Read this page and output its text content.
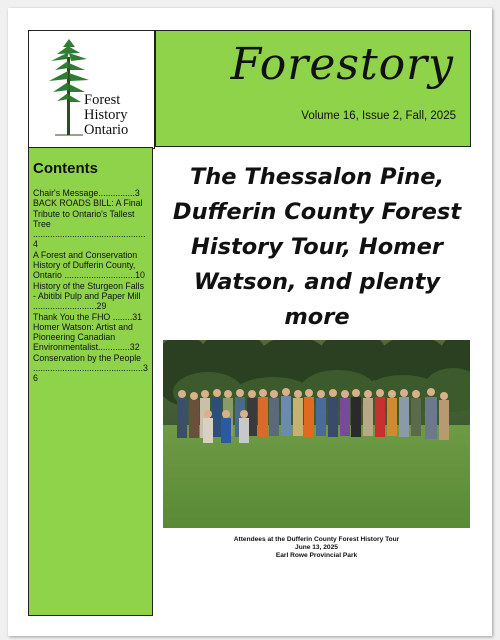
Forest
History
Ontario
Forestory
Volume 16, Issue 2, Fall, 2025
Contents

Chair's Message...............3

BACK ROADS BILL: A Final Tribute to Ontario's Tallest Tree

..............................................4

A Forest and Conservation History of Dufferin County, Ontario .............................10

History of the Sturgeon Falls - Abitibi Pulp and Paper Mill ..........................29

Thank You the FHO ........31

Homer Watson: Artist and Pioneering Canadian Environmentalist.............32

Conservation by the People .............................................36

The Thessalon Pine,
Dufferin County Forest
History Tour, Homer
Watson, and plenty more
Attendees at the Dufferin County Forest History Tour
June 13, 2025
Earl Rowe Provincial Park
